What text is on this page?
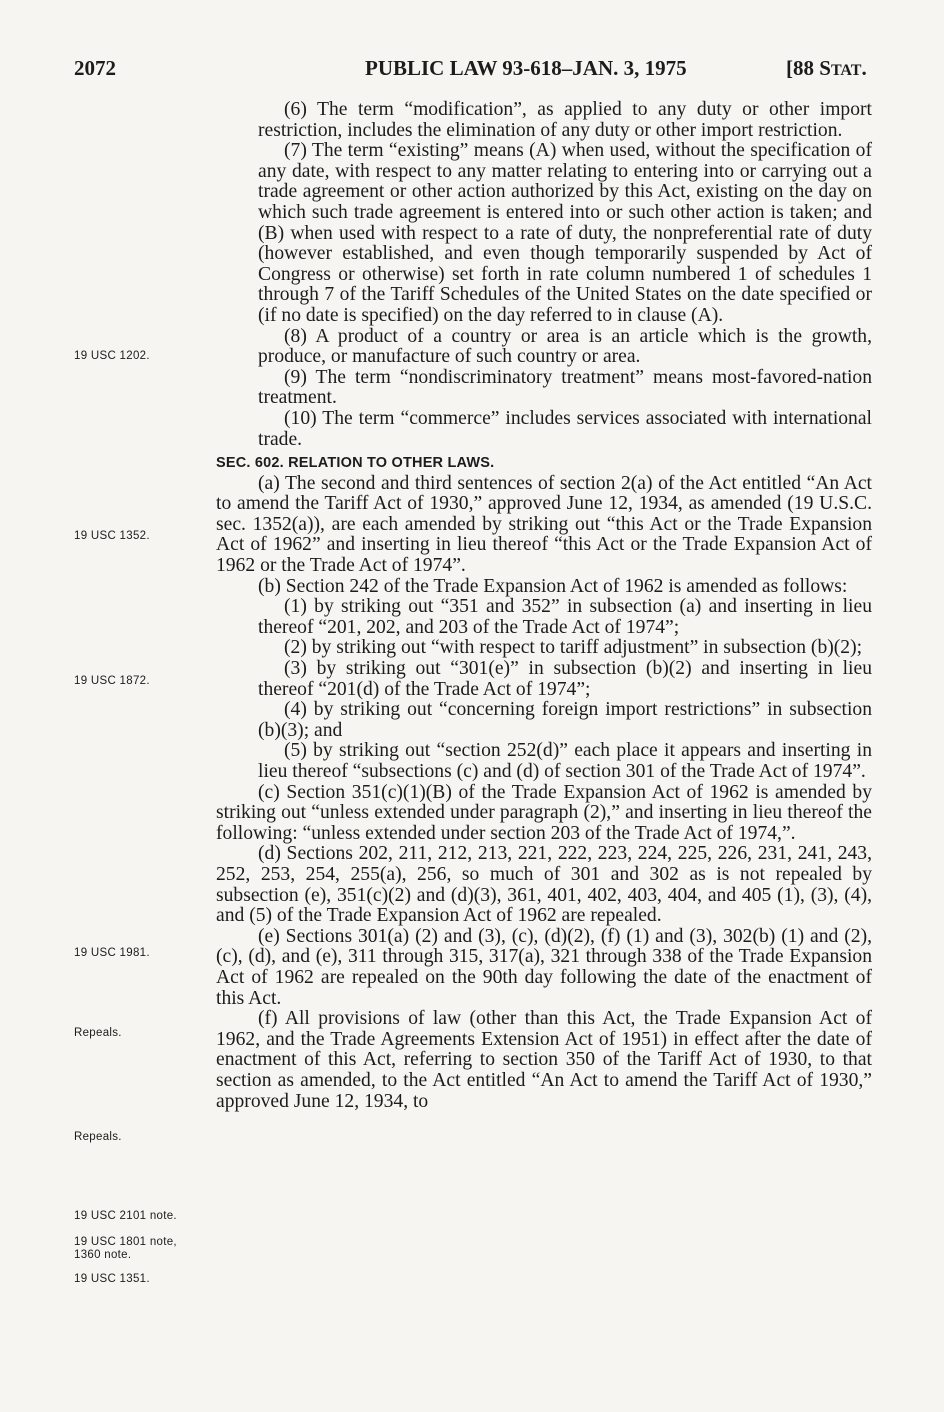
2072	PUBLIC LAW 93-618–JAN. 3, 1975	[88 STAT.
19 USC 1202.
19 USC 1352.
19 USC 1872.
19 USC 1981.
Repeals.
Repeals.
19 USC 2101 note.
19 USC 1801 note, 1360 note.
19 USC 1351.

(6) The term “modification”, as applied to any duty or other import restriction, includes the elimination of any duty or other import restriction.

(7) The term “existing” means (A) when used, without the specification of any date, with respect to any matter relating to entering into or carrying out a trade agreement or other action authorized by this Act, existing on the day on which such trade agreement is entered into or such other action is taken; and (B) when used with respect to a rate of duty, the nonpreferential rate of duty (however established, and even though temporarily suspended by Act of Congress or otherwise) set forth in rate column numbered 1 of schedules 1 through 7 of the Tariff Schedules of the United States on the date specified or (if no date is specified) on the day referred to in clause (A).

(8) A product of a country or area is an article which is the growth, produce, or manufacture of such country or area.

(9) The term “nondiscriminatory treatment” means most-favored-nation treatment.

(10) The term “commerce” includes services associated with international trade.

SEC. 602. RELATION TO OTHER LAWS.

(a) The second and third sentences of section 2(a) of the Act entitled “An Act to amend the Tariff Act of 1930,” approved June 12, 1934, as amended (19 U.S.C. sec. 1352(a)), are each amended by striking out “this Act or the Trade Expansion Act of 1962” and inserting in lieu thereof “this Act or the Trade Expansion Act of 1962 or the Trade Act of 1974”.

(b) Section 242 of the Trade Expansion Act of 1962 is amended as follows:

(1) by striking out “351 and 352” in subsection (a) and inserting in lieu thereof “201, 202, and 203 of the Trade Act of 1974”;

(2) by striking out “with respect to tariff adjustment” in subsection (b)(2);

(3) by striking out “301(e)” in subsection (b)(2) and inserting in lieu thereof “201(d) of the Trade Act of 1974”;

(4) by striking out “concerning foreign import restrictions” in subsection (b)(3); and

(5) by striking out “section 252(d)” each place it appears and inserting in lieu thereof “subsections (c) and (d) of section 301 of the Trade Act of 1974”.

(c) Section 351(c)(1)(B) of the Trade Expansion Act of 1962 is amended by striking out “unless extended under paragraph (2),” and inserting in lieu thereof the following: “unless extended under section 203 of the Trade Act of 1974,”.

(d) Sections 202, 211, 212, 213, 221, 222, 223, 224, 225, 226, 231, 241, 243, 252, 253, 254, 255(a), 256, so much of 301 and 302 as is not repealed by subsection (e), 351(c)(2) and (d)(3), 361, 401, 402, 403, 404, and 405 (1), (3), (4), and (5) of the Trade Expansion Act of 1962 are repealed.

(e) Sections 301(a) (2) and (3), (c), (d)(2), (f) (1) and (3), 302(b) (1) and (2), (c), (d), and (e), 311 through 315, 317(a), 321 through 338 of the Trade Expansion Act of 1962 are repealed on the 90th day following the date of the enactment of this Act.

(f) All provisions of law (other than this Act, the Trade Expansion Act of 1962, and the Trade Agreements Extension Act of 1951) in effect after the date of enactment of this Act, referring to section 350 of the Tariff Act of 1930, to that section as amended, to the Act entitled “An Act to amend the Tariff Act of 1930,” approved June 12, 1934, to
